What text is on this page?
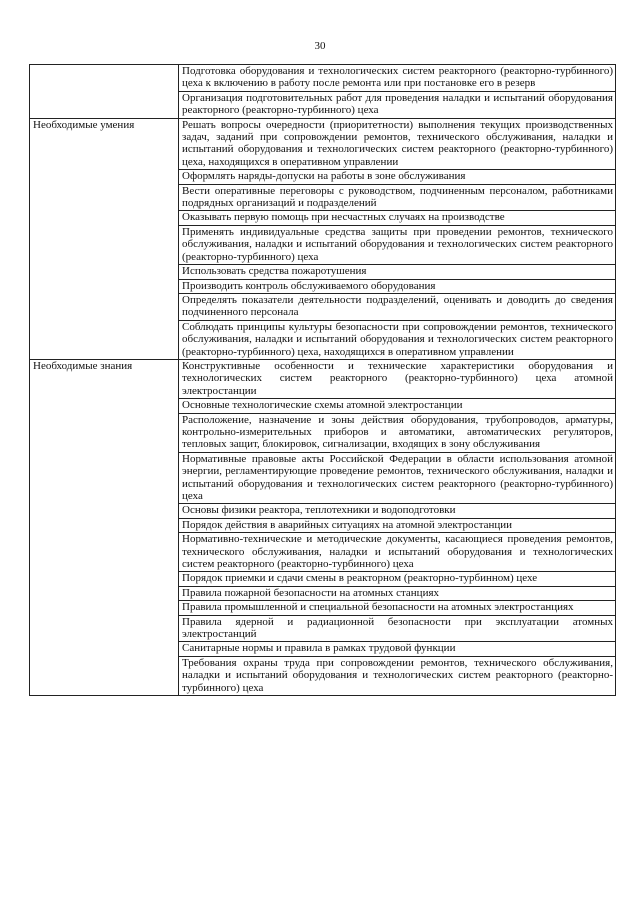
30
	Подготовка оборудования и технологических систем реакторного (реакторно-турбинного) цеха к включению в работу после ремонта или при постановке его в резерв
	Организация подготовительных работ для проведения наладки и испытаний оборудования реакторного (реакторно-турбинного) цеха
Необходимые умения	Решать вопросы очередности (приоритетности) выполнения текущих производственных задач, заданий при сопровождении ремонтов, технического обслуживания, наладки и испытаний оборудования и технологических систем реакторного (реакторно-турбинного) цеха, находящихся в оперативном управлении
	Оформлять наряды-допуски на работы в зоне обслуживания
	Вести оперативные переговоры с руководством, подчиненным персоналом, работниками подрядных организаций и подразделений
	Оказывать первую помощь при несчастных случаях на производстве
	Применять индивидуальные средства защиты при проведении ремонтов, технического обслуживания, наладки и испытаний оборудования и технологических систем реакторного (реакторно-турбинного) цеха
	Использовать средства пожаротушения
	Производить контроль обслуживаемого оборудования
	Определять показатели деятельности подразделений, оценивать и доводить до сведения подчиненного персонала
	Соблюдать принципы культуры безопасности при сопровождении ремонтов, технического обслуживания, наладки и испытаний оборудования и технологических систем реакторного (реакторно-турбинного) цеха, находящихся в оперативном управлении
Необходимые знания	Конструктивные особенности и технические характеристики оборудования и технологических систем реакторного (реакторно-турбинного) цеха атомной электростанции
	Основные технологические схемы атомной электростанции
	Расположение, назначение и зоны действия оборудования, трубопроводов, арматуры, контрольно-измерительных приборов и автоматики, автоматических регуляторов, тепловых защит, блокировок, сигнализации, входящих в зону обслуживания
	Нормативные правовые акты Российской Федерации в области использования атомной энергии, регламентирующие проведение ремонтов, технического обслуживания, наладки и испытаний оборудования и технологических систем реакторного (реакторно-турбинного) цеха
	Основы физики реактора, теплотехники и водоподготовки
	Порядок действия в аварийных ситуациях на атомной электростанции
	Нормативно-технические и методические документы, касающиеся проведения ремонтов, технического обслуживания, наладки и испытаний оборудования и технологических систем реакторного (реакторно-турбинного) цеха
	Порядок приемки и сдачи смены в реакторном (реакторно-турбинном) цехе
	Правила пожарной безопасности на атомных станциях
	Правила промышленной и специальной безопасности на атомных электростанциях
	Правила ядерной и радиационной безопасности при эксплуатации атомных электростанций
	Санитарные нормы и правила в рамках трудовой функции
	Требования охраны труда при сопровождении ремонтов, технического обслуживания, наладки и испытаний оборудования и технологических систем реакторного (реакторно-турбинного) цеха
